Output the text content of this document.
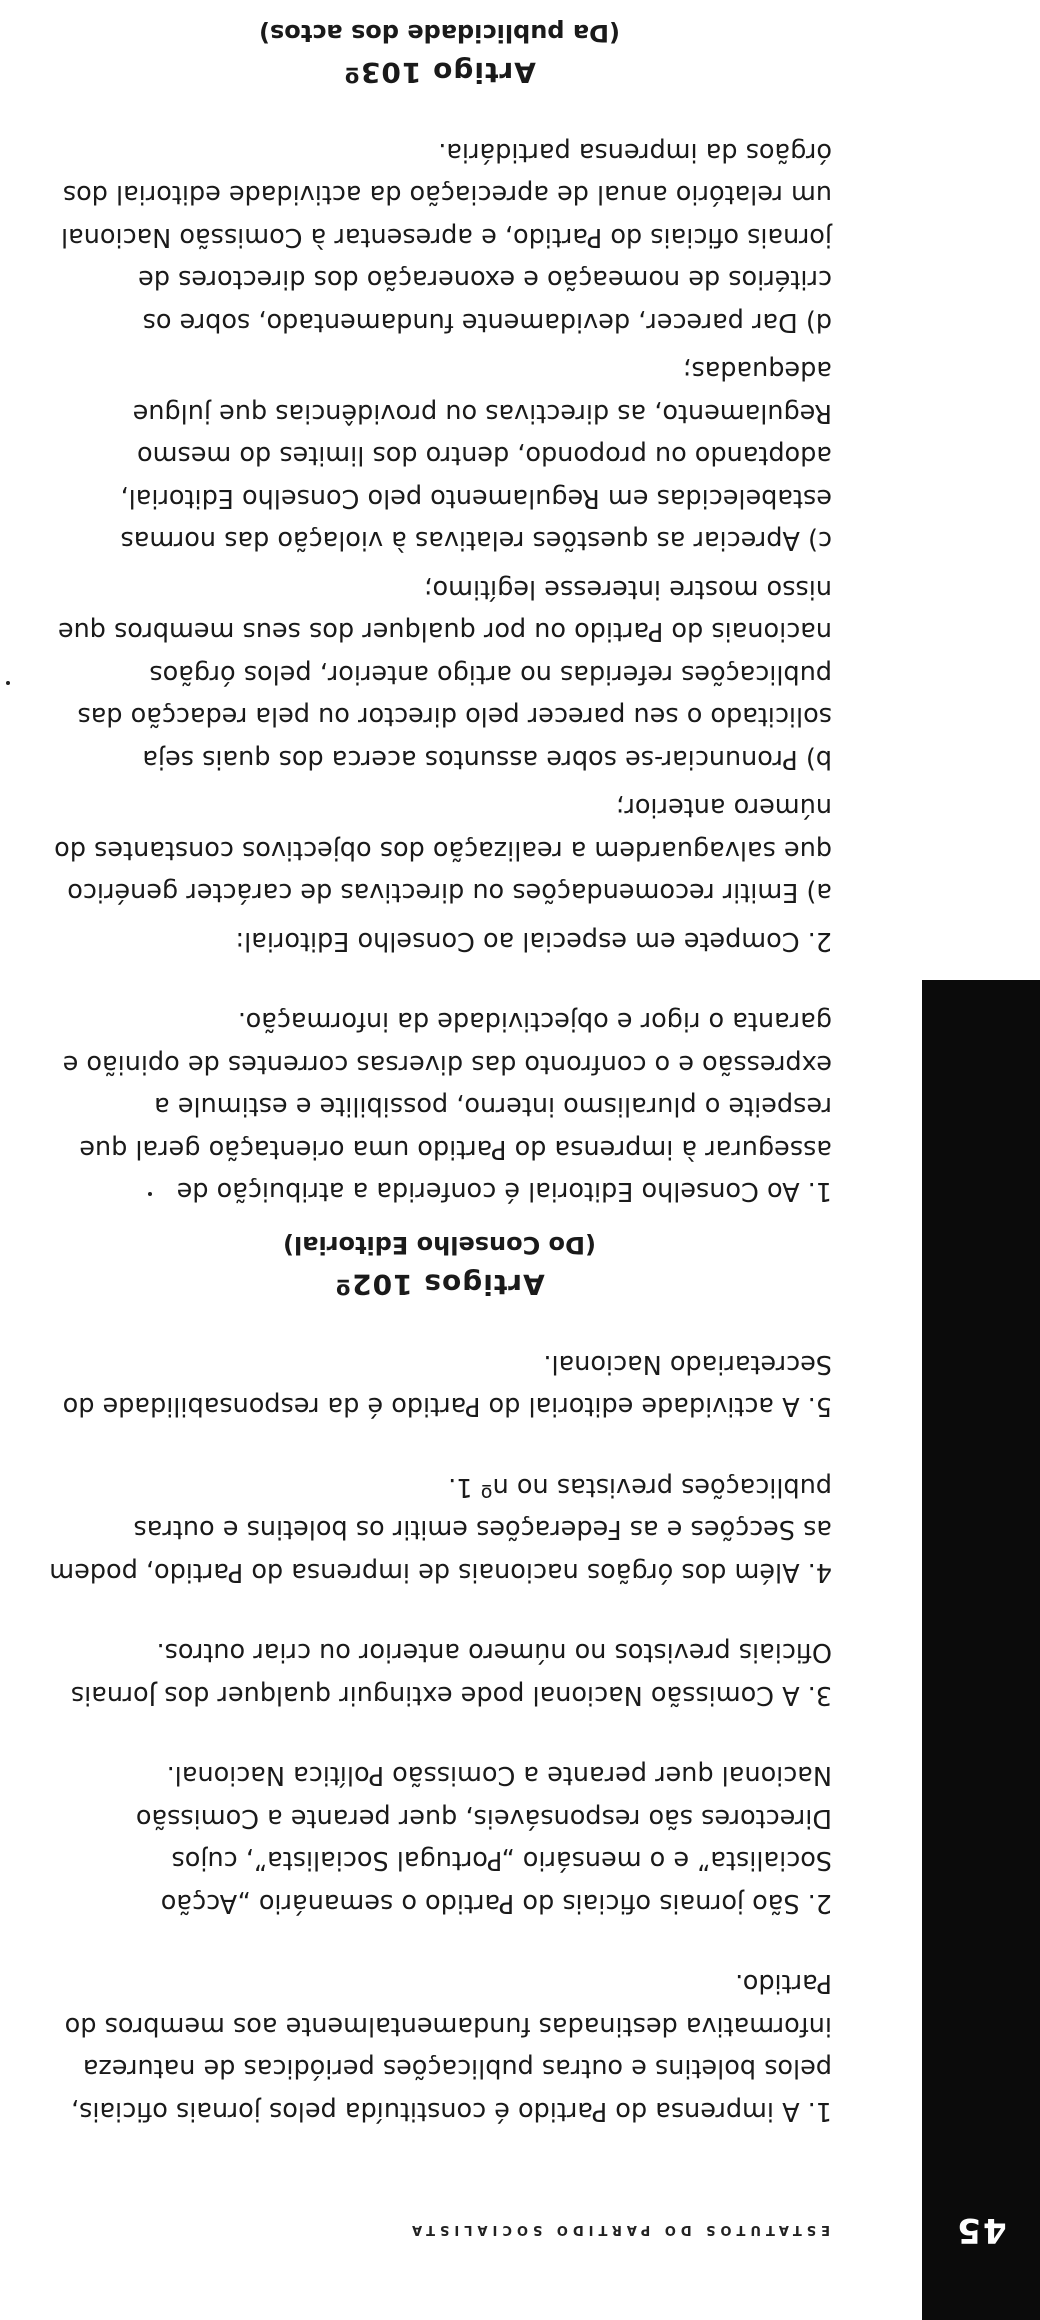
45
ESTATUTOS DO PARTIDO SOCIALISTA

1. A imprensa do Partido é constituída pelos jornais oficiais, pelos boletins e outras publicações periódicas de natureza informativa destinadas fundamentalmente aos membros do Partido.

2. São jornais oficiais do Partido o semanário „Acção Socialista” e o mensário „Portugal Socialista”, cujos Directores são responsáveis, quer perante a Comissão Nacional quer perante a Comissão Política Nacional.

3. A Comissão Nacional pode extinguir qualquer dos Jornais Oficiais previstos no número anterior ou criar outros.

4. Além dos órgãos nacionais de imprensa do Partido, podem as Secções e as Federações emitir os boletins e outras publicações previstas no nº 1.

5. A actividade editorial do Partido é da responsabilidade do Secretariado Nacional.

Artigos 102º
(Do Conselho Editorial)

1. Ao Conselho Editorial é conferida a atribuição de assegurar à imprensa do Partido uma orientação geral que respeite o pluralismo interno, possibilite e estimule a expressão e o confronto das diversas correntes de opinião e garanta o rigor e objectividade da informação.

2. Compete em especial ao Conselho Editorial:

a) Emitir recomendações ou directivas de carácter genérico que salvaguardem a realização dos objectivos constantes do número anterior;

b) Pronunciar-se sobre assuntos acerca dos quais seja solicitado o seu parecer pelo director ou pela redacção das publicações referidas no artigo anterior, pelos órgãos nacionais do Partido ou por qualquer dos seus membros que nisso mostre interesse legítimo;

c) Apreciar as questões relativas à violação das normas estabelecidas em Regulamento pelo Conselho Editorial, adoptando ou propondo, dentro dos limites do mesmo Regulamento, as directivas ou providências que julgue adequadas;

d) Dar parecer, devidamente fundamentado, sobre os critérios de nomeação e exoneração dos directores de jornais oficiais do Partido, e apresentar à Comissão Nacional um relatório anual de apreciação da actividade editorial dos órgãos da imprensa partidária.

Artigo 103º
(Da publicidade dos actos)
